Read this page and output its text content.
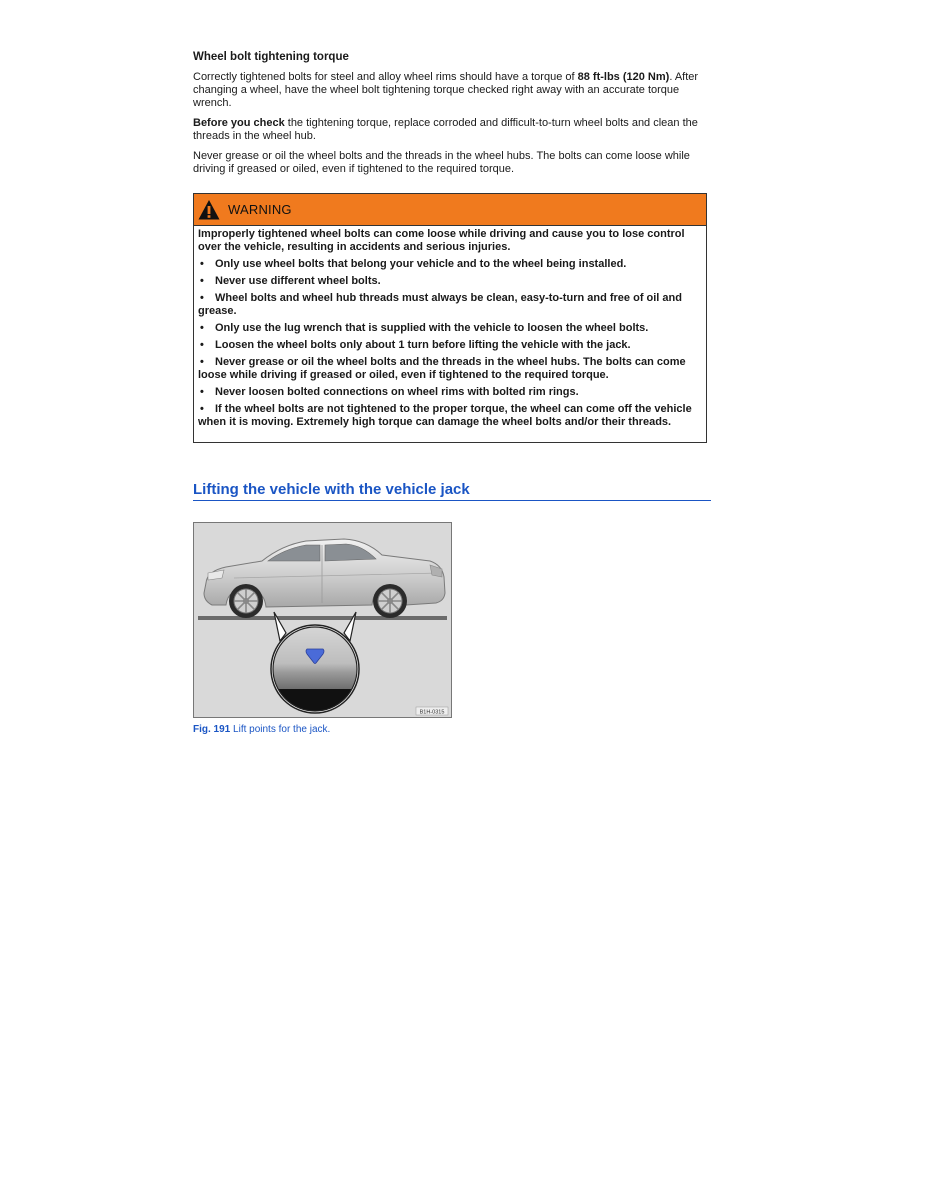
Wheel bolt tightening torque

Correctly tightened bolts for steel and alloy wheel rims should have a torque of 88 ft-lbs (120 Nm). After changing a wheel, have the wheel bolt tightening torque checked right away with an accurate torque wrench.

Before you check the tightening torque, replace corroded and difficult-to-turn wheel bolts and clean the threads in the wheel hub.

Never grease or oil the wheel bolts and the threads in the wheel hubs. The bolts can come loose while driving if greased or oiled, even if tightened to the required torque.

WARNING
Improperly tightened wheel bolts can come loose while driving and cause you to lose control over the vehicle, resulting in accidents and serious injuries.
• Only use wheel bolts that belong your vehicle and to the wheel being installed.
• Never use different wheel bolts.
• Wheel bolts and wheel hub threads must always be clean, easy-to-turn and free of oil and grease.
• Only use the lug wrench that is supplied with the vehicle to loosen the wheel bolts.
• Loosen the wheel bolts only about 1 turn before lifting the vehicle with the jack.
• Never grease or oil the wheel bolts and the threads in the wheel hubs. The bolts can come loose while driving if greased or oiled, even if tightened to the required torque.
• Never loosen bolted connections on wheel rims with bolted rim rings.
• If the wheel bolts are not tightened to the proper torque, the wheel can come off the vehicle when it is moving. Extremely high torque can damage the wheel bolts and/or their threads.
Lifting the vehicle with the vehicle jack
B1H-0315
Fig. 191 Lift points for the jack.
